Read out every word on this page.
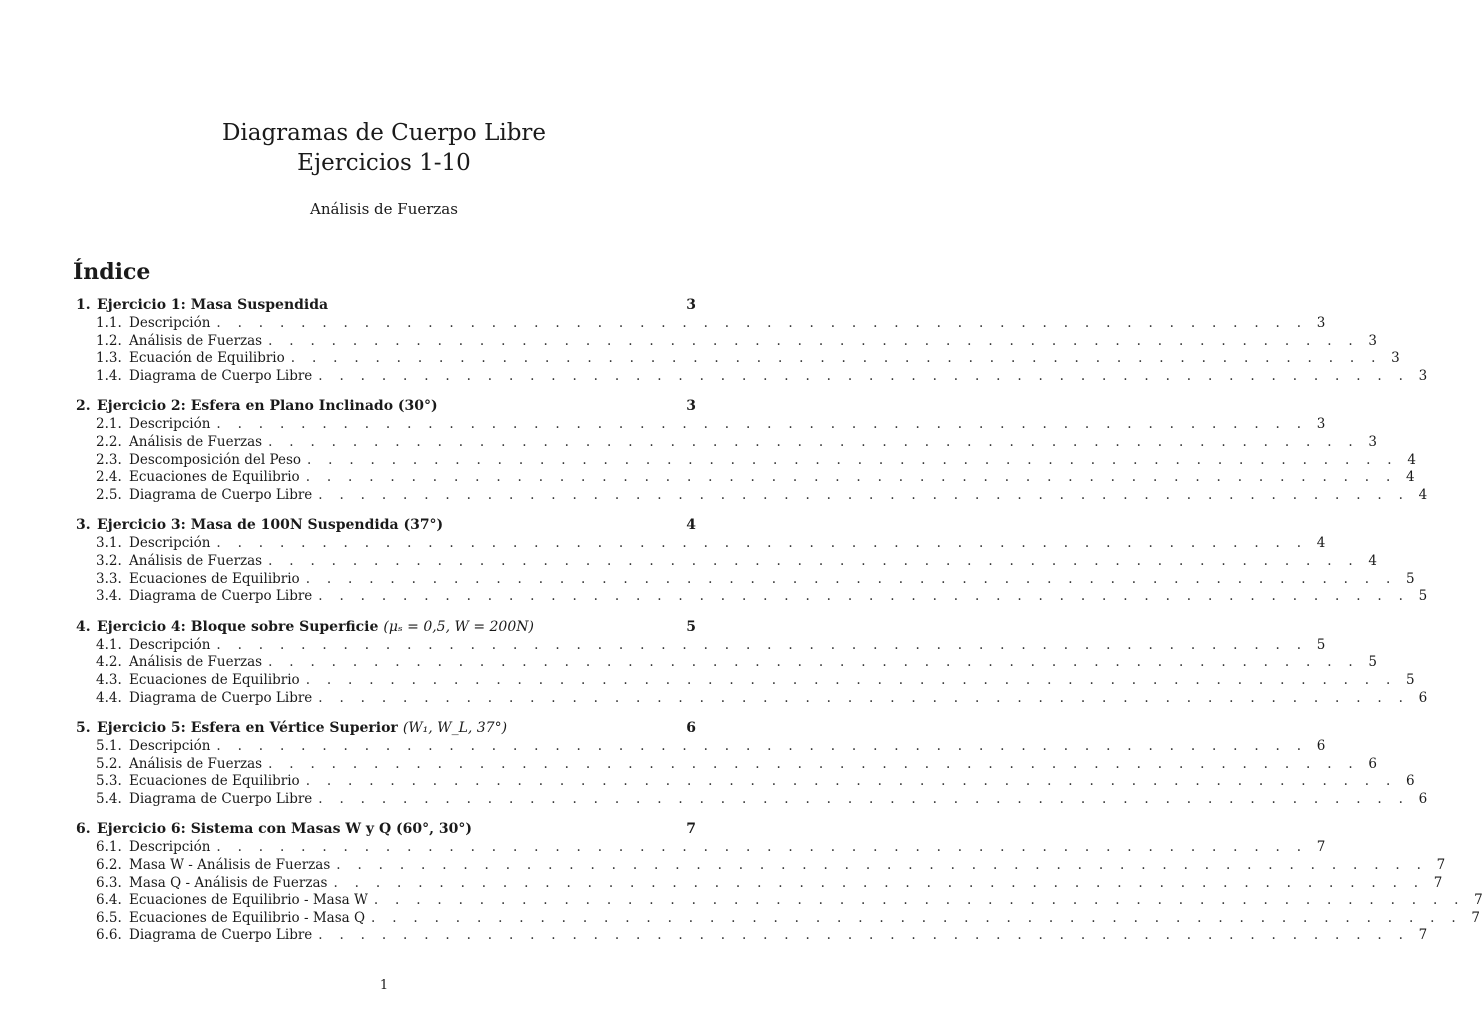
Diagramas de Cuerpo Libre
Ejercicios 1-10
Análisis de Fuerzas
Índice
1. Ejercicio 1: Masa Suspendida	3
1.1. Descripción . . . . . . . . . . . . . . . . . . . . . . . . . . . . . . . . . . . . . . . . . . . . . . . . . . . . 3
1.2. Análisis de Fuerzas . . . . . . . . . . . . . . . . . . . . . . . . . . . . . . . . . . . . . . . . . . . . . . . . . . . . 3
1.3. Ecuación de Equilibrio . . . . . . . . . . . . . . . . . . . . . . . . . . . . . . . . . . . . . . . . . . . . . . . . . . . . 3
1.4. Diagrama de Cuerpo Libre . . . . . . . . . . . . . . . . . . . . . . . . . . . . . . . . . . . . . . . . . . . . . . . . . . . . 3
2. Ejercicio 2: Esfera en Plano Inclinado (30°)	3
2.1. Descripción . . . . . . . . . . . . . . . . . . . . . . . . . . . . . . . . . . . . . . . . . . . . . . . . . . . . 3
2.2. Análisis de Fuerzas . . . . . . . . . . . . . . . . . . . . . . . . . . . . . . . . . . . . . . . . . . . . . . . . . . . . 3
2.3. Descomposición del Peso . . . . . . . . . . . . . . . . . . . . . . . . . . . . . . . . . . . . . . . . . . . . . . . . . . . . 4
2.4. Ecuaciones de Equilibrio . . . . . . . . . . . . . . . . . . . . . . . . . . . . . . . . . . . . . . . . . . . . . . . . . . . . 4
2.5. Diagrama de Cuerpo Libre . . . . . . . . . . . . . . . . . . . . . . . . . . . . . . . . . . . . . . . . . . . . . . . . . . . . 4
3. Ejercicio 3: Masa de 100N Suspendida (37°)	4
3.1. Descripción . . . . . . . . . . . . . . . . . . . . . . . . . . . . . . . . . . . . . . . . . . . . . . . . . . . . 4
3.2. Análisis de Fuerzas . . . . . . . . . . . . . . . . . . . . . . . . . . . . . . . . . . . . . . . . . . . . . . . . . . . . 4
3.3. Ecuaciones de Equilibrio . . . . . . . . . . . . . . . . . . . . . . . . . . . . . . . . . . . . . . . . . . . . . . . . . . . . 5
3.4. Diagrama de Cuerpo Libre . . . . . . . . . . . . . . . . . . . . . . . . . . . . . . . . . . . . . . . . . . . . . . . . . . . . 5
4. Ejercicio 4: Bloque sobre Superficie (μₛ = 0,5, W = 200N)	5
4.1. Descripción . . . . . . . . . . . . . . . . . . . . . . . . . . . . . . . . . . . . . . . . . . . . . . . . . . . . 5
4.2. Análisis de Fuerzas . . . . . . . . . . . . . . . . . . . . . . . . . . . . . . . . . . . . . . . . . . . . . . . . . . . . 5
4.3. Ecuaciones de Equilibrio . . . . . . . . . . . . . . . . . . . . . . . . . . . . . . . . . . . . . . . . . . . . . . . . . . . . 5
4.4. Diagrama de Cuerpo Libre . . . . . . . . . . . . . . . . . . . . . . . . . . . . . . . . . . . . . . . . . . . . . . . . . . . . 6
5. Ejercicio 5: Esfera en Vértice Superior (W₁, W_L, 37°)	6
5.1. Descripción . . . . . . . . . . . . . . . . . . . . . . . . . . . . . . . . . . . . . . . . . . . . . . . . . . . . 6
5.2. Análisis de Fuerzas . . . . . . . . . . . . . . . . . . . . . . . . . . . . . . . . . . . . . . . . . . . . . . . . . . . . 6
5.3. Ecuaciones de Equilibrio . . . . . . . . . . . . . . . . . . . . . . . . . . . . . . . . . . . . . . . . . . . . . . . . . . . . 6
5.4. Diagrama de Cuerpo Libre . . . . . . . . . . . . . . . . . . . . . . . . . . . . . . . . . . . . . . . . . . . . . . . . . . . . 6
6. Ejercicio 6: Sistema con Masas W y Q (60°, 30°)	7
6.1. Descripción . . . . . . . . . . . . . . . . . . . . . . . . . . . . . . . . . . . . . . . . . . . . . . . . . . . . 7
6.2. Masa W - Análisis de Fuerzas . . . . . . . . . . . . . . . . . . . . . . . . . . . . . . . . . . . . . . . . . . . . . . . . . . . . 7
6.3. Masa Q - Análisis de Fuerzas . . . . . . . . . . . . . . . . . . . . . . . . . . . . . . . . . . . . . . . . . . . . . . . . . . . . 7
6.4. Ecuaciones de Equilibrio - Masa W . . . . . . . . . . . . . . . . . . . . . . . . . . . . . . . . . . . . . . . . . . . . . . . . . . . . 7
6.5. Ecuaciones de Equilibrio - Masa Q . . . . . . . . . . . . . . . . . . . . . . . . . . . . . . . . . . . . . . . . . . . . . . . . . . . . 7
6.6. Diagrama de Cuerpo Libre . . . . . . . . . . . . . . . . . . . . . . . . . . . . . . . . . . . . . . . . . . . . . . . . . . . . 7
1
